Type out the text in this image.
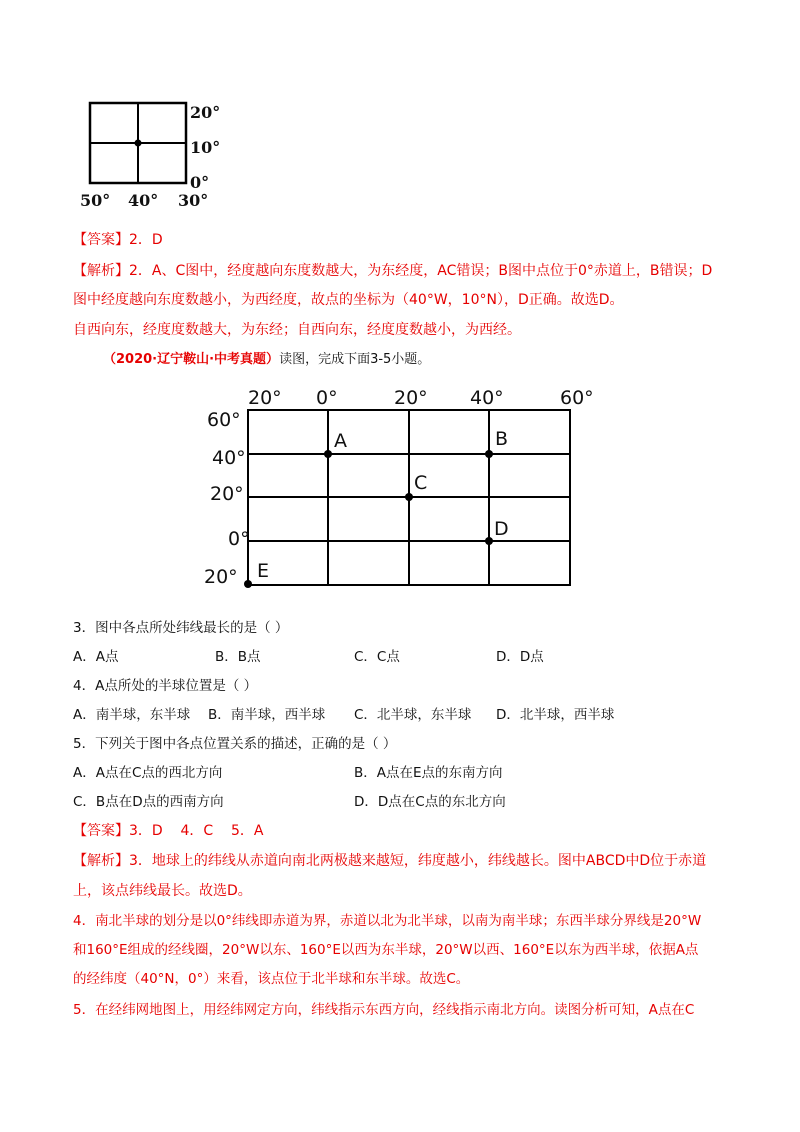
20°
10°
0°
50° 40° 30°
【答案】2．D
【解析】2．A、C图中，经度越向东度数越大，为东经度，AC错误；B图中点位于0°赤道上，B错误；D
图中经度越向东度数越小，为西经度，故点的坐标为（40°W，10°N），D正确。故选D。
自西向东，经度度数越大，为东经；自西向东，经度度数越小，为西经。
（2020·辽宁鞍山·中考真题）读图，完成下面3-5小题。
20° 0°	20° 40°	60°
60°
40°
20°
0°
20°
A	B
C
D
E
3．图中各点所处纬线最长的是（ ）
A．A点	B．B点	C．C点	D．D点
4．A点所处的半球位置是（ ）
A．南半球，东半球 B．南半球，西半球 C．北半球，东半球 D．北半球，西半球
5．下列关于图中各点位置关系的描述，正确的是（ ）
A．A点在C点的西北方向	B．A点在E点的东南方向
C．B点在D点的西南方向	D．D点在C点的东北方向
【答案】3．D    4．C    5．A
【解析】3．地球上的纬线从赤道向南北两极越来越短，纬度越小，纬线越长。图中ABCD中D位于赤道
上，该点纬线最长。故选D。
4．南北半球的划分是以0°纬线即赤道为界，赤道以北为北半球，以南为南半球；东西半球分界线是20°W
和160°E组成的经线圈，20°W以东、160°E以西为东半球，20°W以西、160°E以东为西半球，依据A点
的经纬度（40°N，0°）来看，该点位于北半球和东半球。故选C。
5．在经纬网地图上，用经纬网定方向，纬线指示东西方向，经线指示南北方向。读图分析可知，A点在C
